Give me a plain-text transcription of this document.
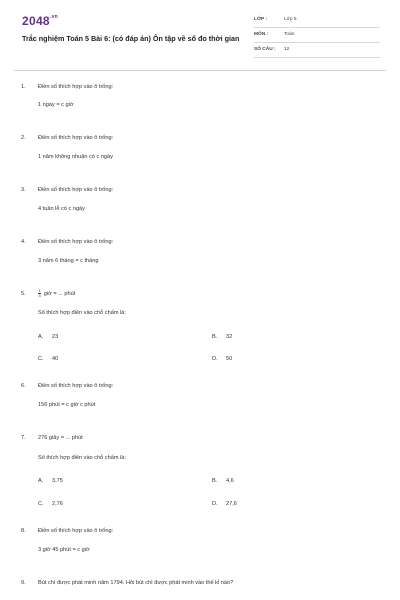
$2048^{.vn}$
Trắc nghiệm Toán 5 Bài 6: (có đáp án) Ôn tập về số đo thời gian
LỚP :	Lớp 5
MÔN :	Toán
SỐ CÂU : 12
1. Điền số thích hợp vào ô trống:
1 ngày = c giờ
2. Điền số thích hợp vào ô trống:
1 năm không nhuận có c ngày
3. Điền số thích hợp vào ô trống:
4 tuần lễ có c ngày
4. Điền số thích hợp vào ô trống:
3 năm 6 tháng = c tháng
5.	$\frac{1}{4}$ giờ = ... phút
Số thích hợp điền vào chỗ chấm là:
A. 23	B. 32
C. 40	D. 50
6. Điền số thích hợp vào ô trống:
156 phút = c giờ c phút
7. 276 giây = ... phút
Số thích hợp điền vào chỗ chấm là:
A. 3,75	B. 4,6
C. 2,76	D. 27,6
8. Điền số thích hợp vào ô trống:
3 giờ 45 phút = c giờ
9. Bút chì được phát minh năm 1794. Hỏi bút chì được phát minh vào thế kỉ nào?
